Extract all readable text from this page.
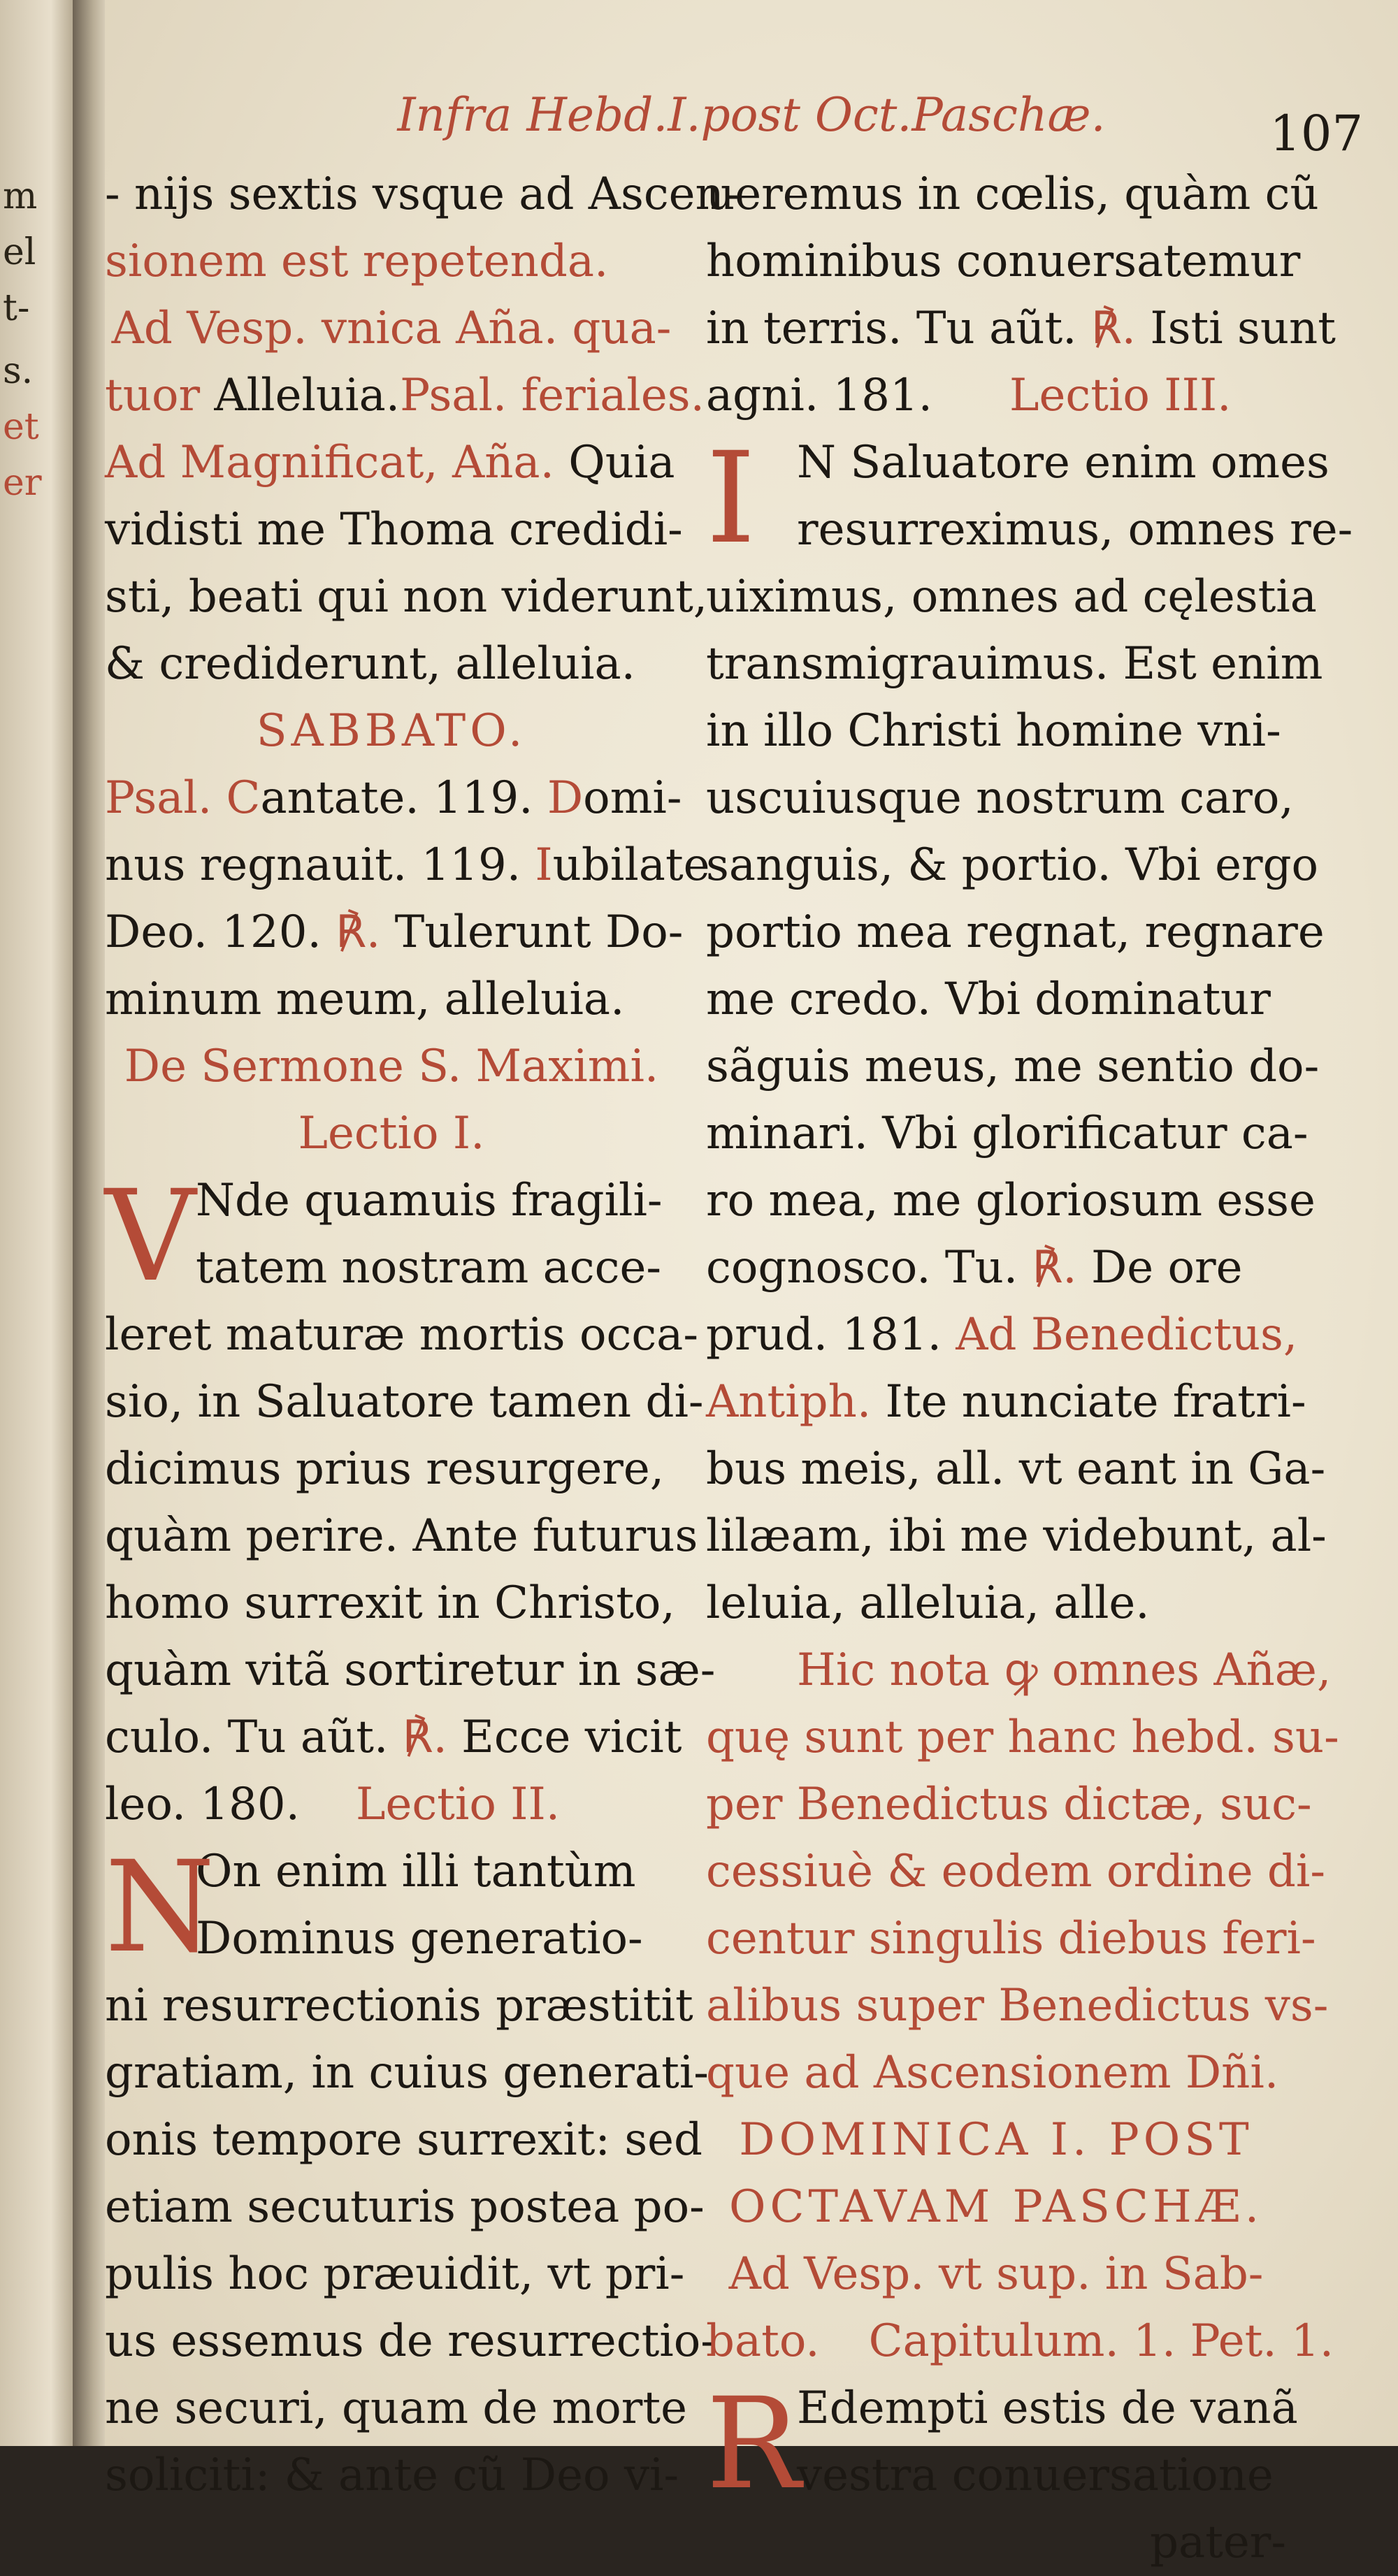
m
el
t-
s.
et
er
Infra Hebd.I.post Oct.Paschæ.	107
- nijs sextis vsque ad Ascen-
sionem est repetenda.
Ad Vesp. vnica Aña. qua-
tuor Alleluia.Psal. feriales.
Ad Magnificat, Aña. Quia
vidisti me Thoma credidi-
sti, beati qui non viderunt,
& crediderunt, alleluia.
SABBATO.
Psal. Cantate. 119. Domi-
nus regnauit. 119. Iubilate
Deo. 120. ℟. Tulerunt Do-
minum meum, alleluia.
De Sermone S. Maximi.
Lectio I.
V Nde quamuis fragili-
tatem nostram acce-
leret maturæ mortis occa-
sio, in Saluatore tamen di-
dicimus prius resurgere,
quàm perire. Ante futurus
homo surrexit in Christo,
quàm vitã sortiretur in sæ-
culo. Tu aũt. ℟. Ecce vicit
leo. 180. Lectio II.
N
On enim illi tantùm
Dominus generatio-
ni resurrectionis præstitit
gratiam, in cuius generati-
onis tempore surrexit: sed
etiam secuturis postea po-
pulis hoc præuidit, vt pri-
us essemus de resurrectio-
ne securi, quam de morte
soliciti: & ante cũ Deo vi-
ueremus in cœlis, quàm cũ
hominibus conuersatemur
in terris. Tu aũt. ℟. Isti sunt
agni. 181. Lectio III.
I N Saluatore enim omes
resurreximus, omnes re-
uiximus, omnes ad cęlestia
transmigrauimus. Est enim
in illo Christi homine vni-
uscuiusque nostrum caro,
sanguis, & portio. Vbi ergo
portio mea regnat, regnare
me credo. Vbi dominatur
sãguis meus, me sentio do-
minari. Vbi glorificatur ca-
ro mea, me gloriosum esse
cognosco. Tu. ℟. De ore
prud. 181. Ad Benedictus,
Antiph. Ite nunciate fratri-
bus meis, all. vt eant in Ga-
lilæam, ibi me videbunt, al-
leluia, alleluia, alle.
Hic nota ꝙ omnes Añæ,
quę sunt per hanc hebd. su-
per Benedictus dictæ, suc-
cessiuè & eodem ordine di-
centur singulis diebus feri-
alibus super Benedictus vs-
que ad Ascensionem Dñi.
DOMINICA I. POST
OCTAVAM PASCHÆ.
Ad Vesp. vt sup. in Sab-
bato. Capitulum. 1. Pet. 1.
R
Edempti estis de vanã
vestra conuersatione
pater-
